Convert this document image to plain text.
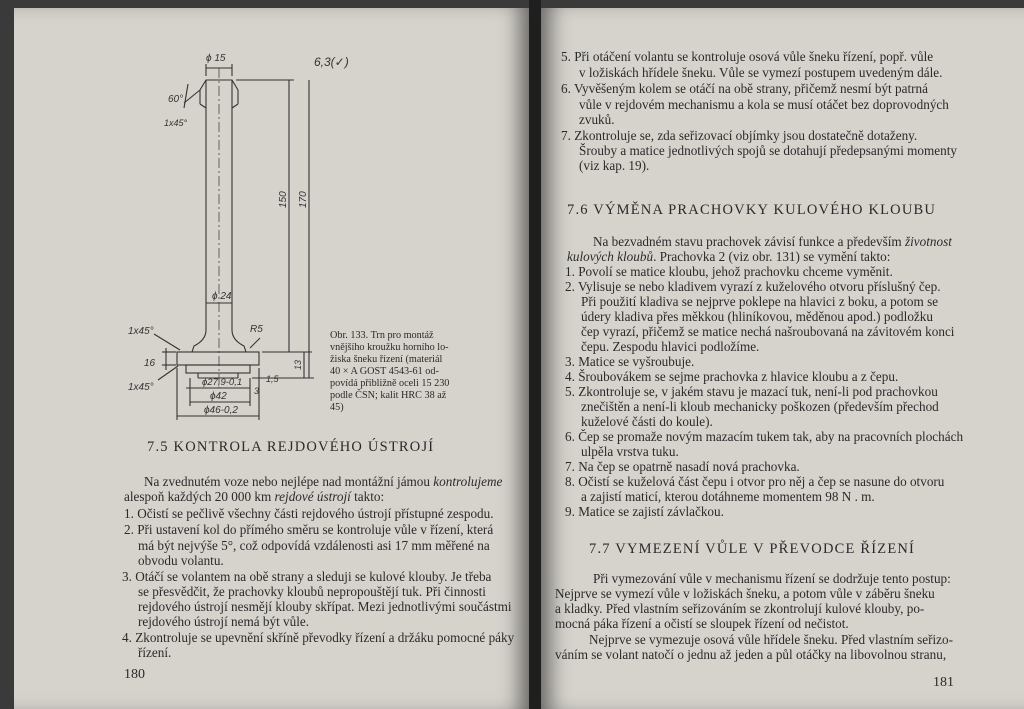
ϕ 15	6,3(✓)
60°
1x45°
ϕ 24
R5
1x45°
16
1x45°	ϕ27,9-0,1
ϕ42
ϕ46-0,2
1,5
3
150 170
13
Obr. 133. Trn pro montáž
vnějšího kroužku horního lo-
žiska šneku řízení (materiál
40 × A GOST 4543-61 od-
povídá přibližně oceli 15 230
podle ČSN; kalit HRC 38 až
45)
7.5 KONTROLA REJDOVÉHO ÚSTROJÍ
Na zvednutém voze nebo nejlépe nad montážní jámou kontrolujeme
alespoň každých 20 000 km rejdové ústrojí takto:
1. Očistí se pečlivě všechny části rejdového ústrojí přístupné zespodu.
2. Při ustavení kol do přímého směru se kontroluje vůle v řízení, která
má být nejvýše 5°, což odpovídá vzdálenosti asi 17 mm měřené na
obvodu volantu.
3. Otáčí se volantem na obě strany a sleduji se kulové klouby. Je třeba
se přesvědčit, že prachovky kloubů nepropouštějí tuk. Při činnosti
rejdového ústrojí nesmějí klouby skřípat. Mezi jednotlivými součástmi
rejdového ústrojí nemá být vůle.
4. Zkontroluje se upevnění skříně převodky řízení a držáku pomocné páky
řízení.
180
5. Při otáčení volantu se kontroluje osová vůle šneku řízení, popř. vůle
v ložiskách hřídele šneku. Vůle se vymezí postupem uvedeným dále.
6. Vyvěšeným kolem se otáčí na obě strany, přičemž nesmí být patrná
vůle v rejdovém mechanismu a kola se musí otáčet bez doprovodných
zvuků.
7. Zkontroluje se, zda seřizovací objímky jsou dostatečně dotaženy.
Šrouby a matice jednotlivých spojů se dotahují předepsanými momenty
(viz kap. 19).
7.6 VÝMĚNA PRACHOVKY KULOVÉHO KLOUBU
Na bezvadném stavu prachovek závisí funkce a především životnost
kulových kloubů. Prachovka 2 (viz obr. 131) se vymění takto:
1. Povolí se matice kloubu, jehož prachovku chceme vyměnit.
2. Vylisuje se nebo kladivem vyrazí z kuželového otvoru příslušný čep.
Při použití kladiva se nejprve poklepe na hlavici z boku, a potom se
údery kladiva přes měkkou (hliníkovou, měděnou apod.) podložku
čep vyrazí, přičemž se matice nechá našroubovaná na závitovém konci
čepu. Zespodu hlavici podložíme.
3. Matice se vyšroubuje.
4. Šroubovákem se sejme prachovka z hlavice kloubu a z čepu.
5. Zkontroluje se, v jakém stavu je mazací tuk, není-li pod prachovkou
znečištěn a není-li kloub mechanicky poškozen (především přechod
kuželové části do koule).
6. Čep se promaže novým mazacím tukem tak, aby na pracovních plochách
ulpěla vrstva tuku.
7. Na čep se opatrně nasadí nová prachovka.
8. Očistí se kuželová část čepu i otvor pro něj a čep se nasune do otvoru
a zajistí maticí, kterou dotáhneme momentem 98 N . m.
9. Matice se zajistí závlačkou.
7.7 VYMEZENÍ VŮLE V PŘEVODCE ŘÍZENÍ
Při vymezování vůle v mechanismu řízení se dodržuje tento postup:
Nejprve se vymezí vůle v ložiskách šneku, a potom vůle v záběru šneku
a kladky. Před vlastním seřizováním se zkontrolují kulové klouby, po-
mocná páka řízení a očistí se sloupek řízení od nečistot.
Nejprve se vymezuje osová vůle hřídele šneku. Před vlastním seřizo-
váním se volant natočí o jednu až jeden a půl otáčky na libovolnou stranu,
181
